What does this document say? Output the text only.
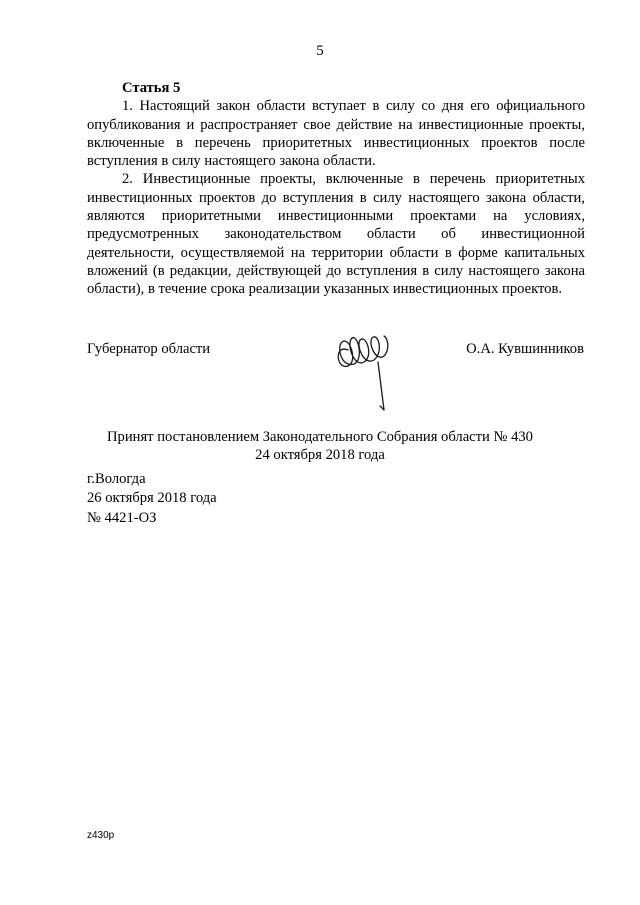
5

Статья 5

1. Настоящий закон области вступает в силу со дня его официального опубликования и распространяет свое действие на инвестиционные проекты, включенные в перечень приоритетных инвестиционных проектов после вступления в силу настоящего закона области.

2. Инвестиционные проекты, включенные в перечень приоритетных инвестиционных проектов до вступления в силу настоящего закона области, являются приоритетными инвестиционными проектами на условиях, предусмотренных законодательством области об инвестиционной деятельности, осуществляемой на территории области в форме капитальных вложений (в редакции, действующей до вступления в силу настоящего закона области), в течение срока реализации указанных инвестиционных проектов.

Губернатор области	О.А. Кувшинников
Принят постановлением Законодательного Собрания области № 430
24 октября 2018 года
г.Вологда
26 октября 2018 года
№ 4421-ОЗ
z430p
